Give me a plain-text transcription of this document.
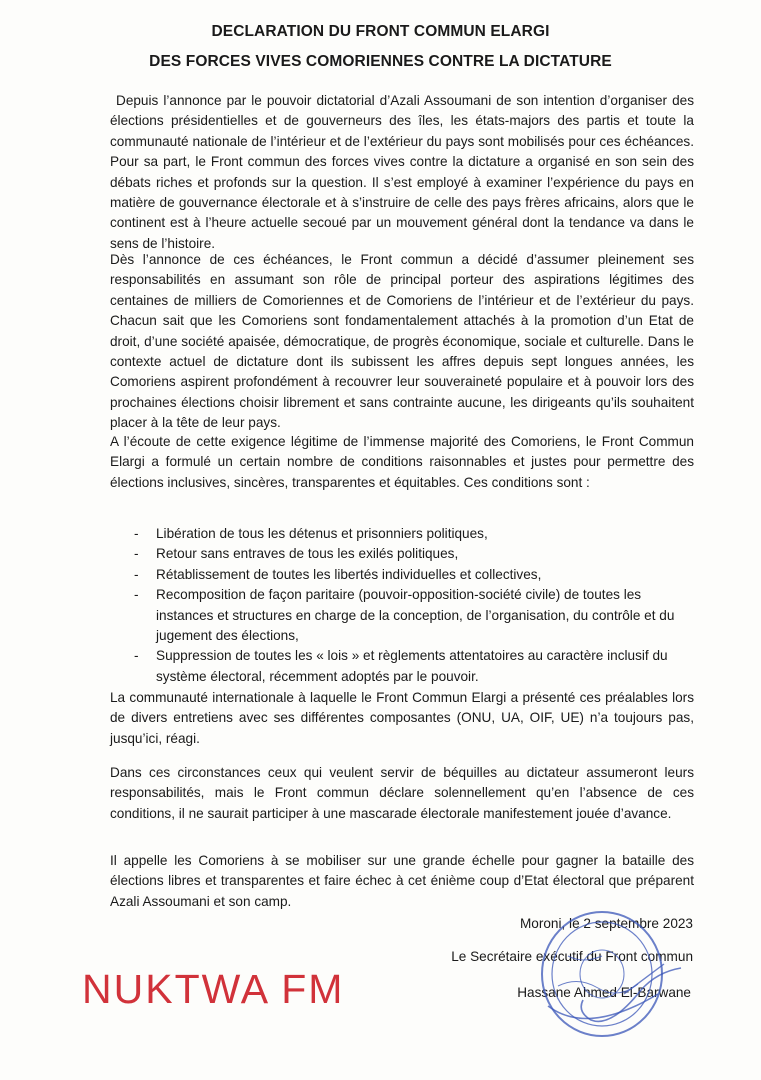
DECLARATION DU FRONT COMMUN ELARGI
DES FORCES VIVES COMORIENNES CONTRE LA DICTATURE

Depuis l’annonce par le pouvoir dictatorial d’Azali Assoumani de son intention d’organiser des élections présidentielles et de gouverneurs des îles, les états-majors des partis et toute la communauté nationale de l’intérieur et de l’extérieur du pays sont mobilisés pour ces échéances. Pour sa part, le Front commun des forces vives contre la dictature a organisé en son sein des débats riches et profonds sur la question. Il s’est employé à examiner l’expérience du pays en matière de gouvernance électorale et à s’instruire de celle des pays frères africains, alors que le continent est à l’heure actuelle secoué par un mouvement général dont la tendance va dans le sens de l’histoire.

Dès l’annonce de ces échéances, le Front commun a décidé d’assumer pleinement ses responsabilités en assumant son rôle de principal porteur des aspirations légitimes des centaines de milliers de Comoriennes et de Comoriens de l’intérieur et de l’extérieur du pays. Chacun sait que les Comoriens sont fondamentalement attachés à la promotion d’un Etat de droit, d’une société apaisée, démocratique, de progrès économique, sociale et culturelle. Dans le contexte actuel de dictature dont ils subissent les affres depuis sept longues années, les Comoriens aspirent profondément à recouvrer leur souveraineté populaire et à pouvoir lors des prochaines élections choisir librement et sans contrainte aucune, les dirigeants qu’ils souhaitent placer à la tête de leur pays.

A l’écoute de cette exigence légitime de l’immense majorité des Comoriens, le Front Commun Elargi a formulé un certain nombre de conditions raisonnables et justes pour permettre des élections inclusives, sincères, transparentes et équitables. Ces conditions sont :

- Libération de tous les détenus et prisonniers politiques,
- Retour sans entraves de tous les exilés politiques,
- Rétablissement de toutes les libertés individuelles et collectives,
- Recomposition de façon paritaire (pouvoir-opposition-société civile) de toutes les instances et structures en charge de la conception, de l’organisation, du contrôle et du jugement des élections,
- Suppression de toutes les « lois » et règlements attentatoires au caractère inclusif du système électoral, récemment adoptés par le pouvoir.

La communauté internationale à laquelle le Front Commun Elargi a présenté ces préalables lors de divers entretiens avec ses différentes composantes (ONU, UA, OIF, UE) n’a toujours pas, jusqu’ici, réagi.

Dans ces circonstances ceux qui veulent servir de béquilles au dictateur assumeront leurs responsabilités, mais le Front commun déclare solennellement qu’en l’absence de ces conditions, il ne saurait participer à une mascarade électorale manifestement jouée d’avance.

Il appelle les Comoriens à se mobiliser sur une grande échelle pour gagner la bataille des élections libres et transparentes et faire échec à cet énième coup d’Etat électoral que préparent Azali Assoumani et son camp.

Moroni, le 2 septembre 2023
Le Secrétaire exécutif du Front commun
Hassane Ahmed El-Barwane
NUKTWA FM
